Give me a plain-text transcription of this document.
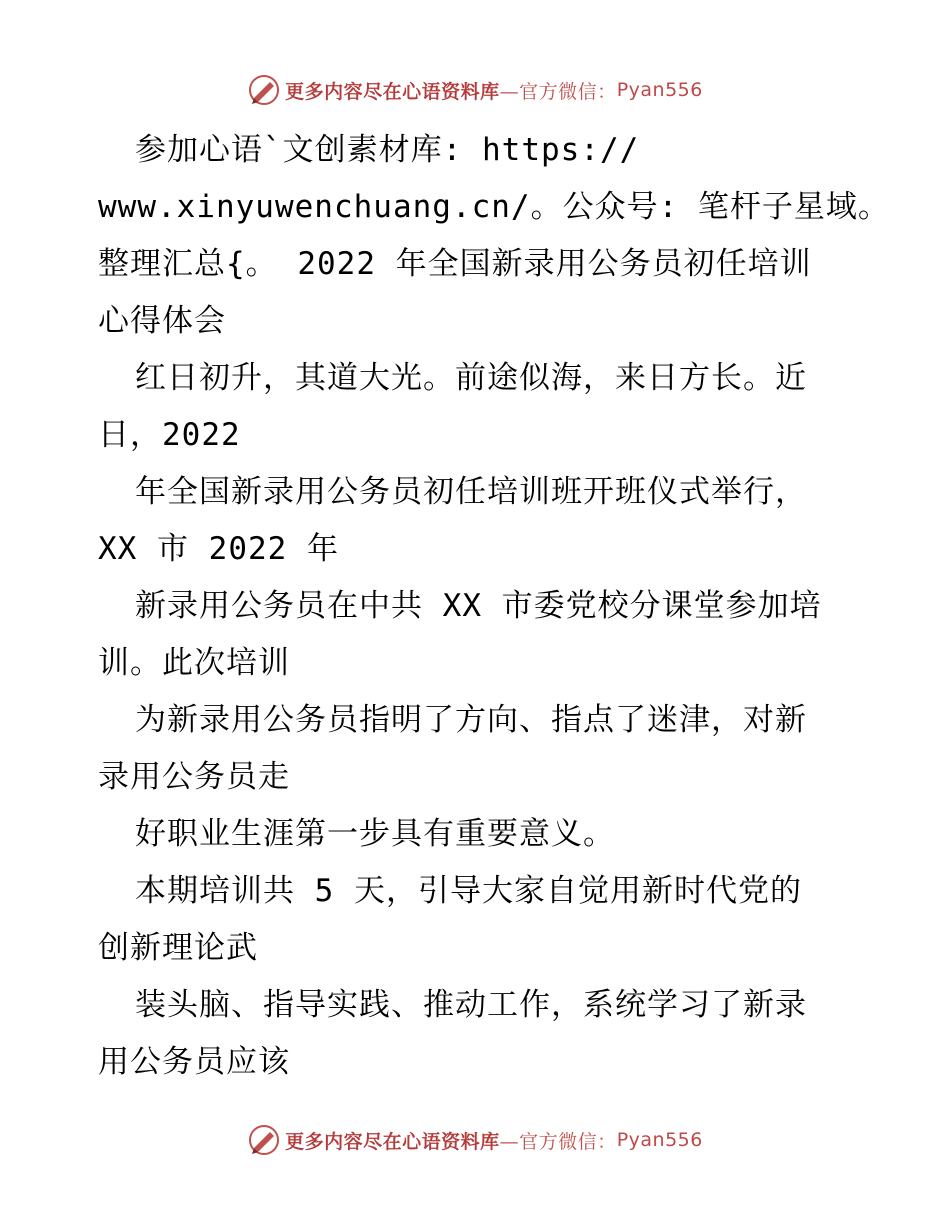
更多内容尽在心语资料库 —官方微信： Pyan556
参加心语`文创素材库: https://
www.xinyuwenchuang.cn/。公众号: 笔杆子星域。
整理汇总{。 2022 年全国新录用公务员初任培训
心得体会
红日初升，其道大光。前途似海，来日方长。近
日，2022
年全国新录用公务员初任培训班开班仪式举行，
XX 市 2022 年
新录用公务员在中共 XX 市委党校分课堂参加培
训。此次培训
为新录用公务员指明了方向、指点了迷津，对新
录用公务员走
好职业生涯第一步具有重要意义。
本期培训共 5 天，引导大家自觉用新时代党的
创新理论武
装头脑、指导实践、推动工作，系统学习了新录
用公务员应该
更多内容尽在心语资料库 —官方微信： Pyan556
